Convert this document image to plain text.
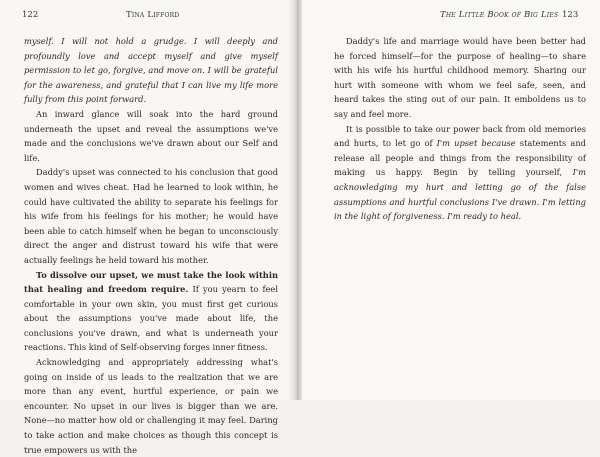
122	Tina Lifford

myself. I will not hold a grudge. I will deeply and profoundly love and accept myself and give myself permission to let go, forgive, and move on. I will be grateful for the awareness, and grateful that I can live my life more fully from this point forward.

An inward glance will soak into the hard ground underneath the upset and reveal the assumptions we've made and the conclusions we've drawn about our Self and life.

Daddy's upset was connected to his conclusion that good women and wives cheat. Had he learned to look within, he could have cultivated the ability to separate his feelings for his wife from his feelings for his mother; he would have been able to catch himself when he began to unconsciously direct the anger and distrust toward his wife that were actually feelings he held toward his mother.

To dissolve our upset, we must take the look within that healing and freedom require. If you yearn to feel comfortable in your own skin, you must first get curious about the assumptions you've made about life, the conclusions you've drawn, and what is underneath your reactions. This kind of Self-observing forges inner fitness.

Acknowledging and appropriately addressing what's going on inside of us leads to the realization that we are more than any event, hurtful experience, or pain we encounter. No upset in our lives is bigger than we are. None—no matter how old or challenging it may feel. Daring to take action and make choices as though this concept is true empowers us with the

The Little Book of Big Lies 123

Daddy's life and marriage would have been better had he forced himself—for the purpose of healing—to share with his wife his hurtful childhood memory. Sharing our hurt with someone with whom we feel safe, seen, and heard takes the sting out of our pain. It emboldens us to say and feel more.

It is possible to take our power back from old memories and hurts, to let go of I'm upset because statements and release all people and things from the responsibility of making us happy. Begin by telling yourself, I'm acknowledging my hurt and letting go of the false assumptions and hurtful conclusions I've drawn. I'm letting in the light of forgiveness. I'm ready to heal.
